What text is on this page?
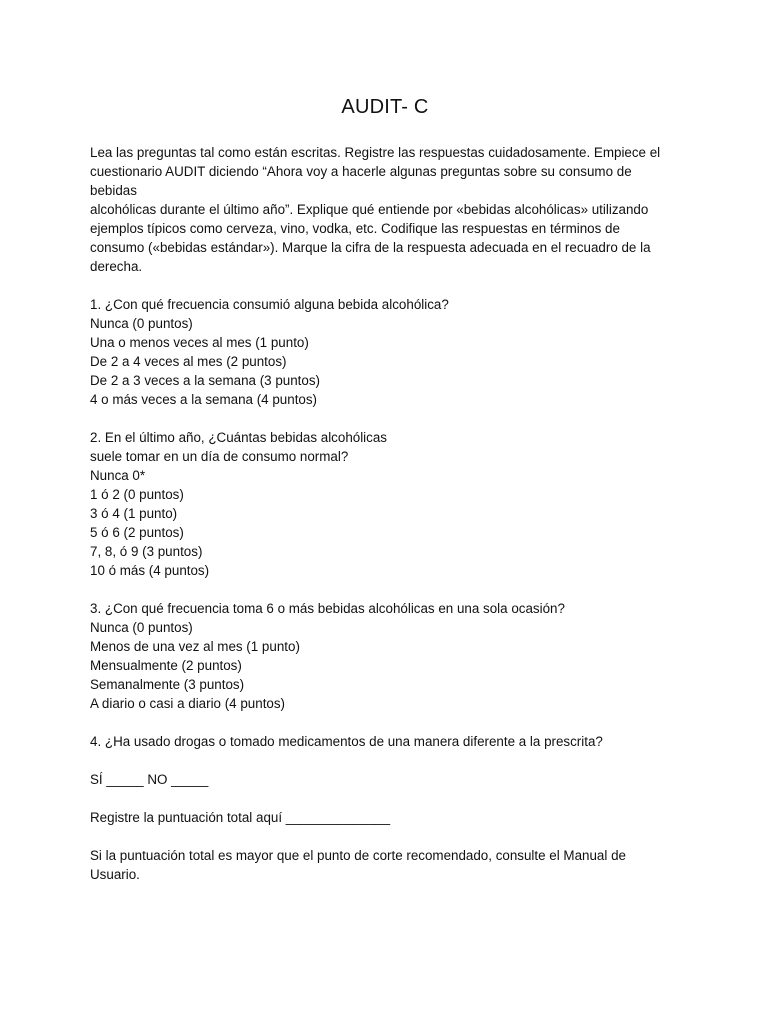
AUDIT- C
Lea las preguntas tal como están escritas. Registre las respuestas cuidadosamente. Empiece el
cuestionario AUDIT diciendo “Ahora voy a hacerle algunas preguntas sobre su consumo de
bebidas
alcohólicas durante el último año”. Explique qué entiende por «bebidas alcohólicas» utilizando
ejemplos típicos como cerveza, vino, vodka, etc. Codifique las respuestas en términos de
consumo («bebidas estándar»). Marque la cifra de la respuesta adecuada en el recuadro de la
derecha.
1. ¿Con qué frecuencia consumió alguna bebida alcohólica?
Nunca (0 puntos)
Una o menos veces al mes (1 punto)
De 2 a 4 veces al mes (2 puntos)
De 2 a 3 veces a la semana (3 puntos)
4 o más veces a la semana (4 puntos)
2. En el último año, ¿Cuántas bebidas alcohólicas
suele tomar en un día de consumo normal?
Nunca 0*
1 ó 2 (0 puntos)
3 ó 4 (1 punto)
5 ó 6 (2 puntos)
7, 8, ó 9 (3 puntos)
10 ó más (4 puntos)
3. ¿Con qué frecuencia toma 6 o más bebidas alcohólicas en una sola ocasión?
Nunca (0 puntos)
Menos de una vez al mes (1 punto)
Mensualmente (2 puntos)
Semanalmente (3 puntos)
A diario o casi a diario (4 puntos)
4. ¿Ha usado drogas o tomado medicamentos de una manera diferente a la prescrita?
SÍ _____ NO _____
Registre la puntuación total aquí ______________
Si la puntuación total es mayor que el punto de corte recomendado, consulte el Manual de
Usuario.
